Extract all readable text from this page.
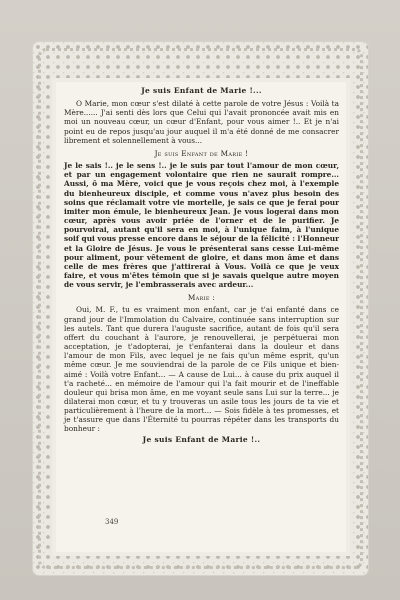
Je suis Enfant de Marie !...

O Marie, mon cœur s'est dilaté à cette parole de votre Jésus : Voilà ta Mère...... J'ai senti dès lors que Celui qui l'avait prononcée avait mis en moi un nouveau cœur, un cœur d'Enfant, pour vous aimer !.. Et je n'ai point eu de repos jusqu'au jour auquel il m'a été donné de me consacrer librement et solennellement à vous...

Je suis Enfant de Marie !

Je le sais !.. je le sens !.. je le suis par tout l'amour de mon cœur, et par un engagement volontaire que rien ne saurait rompre... Aussi, ô ma Mère, voici que je vous reçois chez moi, à l'exemple du bienheureux disciple, et comme vous n'avez plus besoin des soins que réclamait votre vie mortelle, je sais ce que je ferai pour imiter mon émule, le bienheureux Jean. Je vous logerai dans mon cœur, après vous avoir priée de l'orner et de le purifier. Je pourvoirai, autant qu'il sera en moi, à l'unique faim, à l'unique soif qui vous presse encore dans le séjour de la félicité : l'Honneur et la Gloire de Jésus. Je vous le présenterai sans cesse Lui-même pour aliment, pour vêtement de gloire, et dans mon âme et dans celle de mes frères que j'attirerai à Vous. Voilà ce que je veux faire, et vous m'êtes témoin que si je savais quelque autre moyen de vous servir, je l'embrasserais avec ardeur...

Marie :

Oui, M. F., tu es vraiment mon enfant, car je t'ai enfanté dans ce grand jour de l'Immolation du Calvaire, continuée sans interruption sur les autels. Tant que durera l'auguste sacrifice, autant de fois qu'il sera offert du couchant à l'aurore, je renouvellerai, je perpétuerai mon acceptation, je t'adopterai, je t'enfanterai dans la douleur et dans l'amour de mon Fils, avec lequel je ne fais qu'un même esprit, qu'un même cœur. Je me souviendrai de la parole de ce Fils unique et bien-aimé : Voilà votre Enfant... — A cause de Lui... à cause du prix auquel il t'a racheté... en mémoire de l'amour qui l'a fait mourir et de l'ineffable douleur qui brisa mon âme, en me voyant seule sans Lui sur la terre... je dilaterai mon cœur, et tu y trouveras un asile tous les jours de ta vie et particulièrement à l'heure de la mort... — Sois fidèle à tes promesses, et je t'assure que dans l'Éternité tu pourras répéter dans les transports du bonheur :

Je suis Enfant de Marie !..

349
